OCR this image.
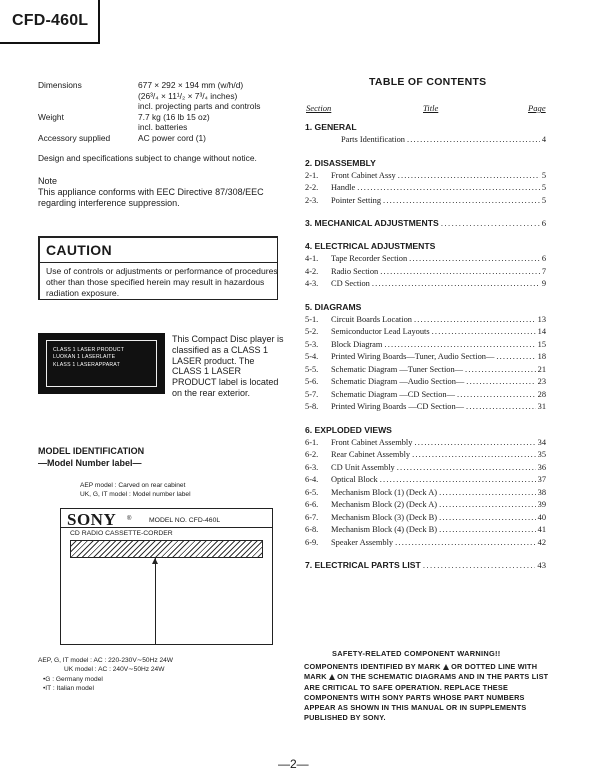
CFD-460L
Dimensions	677 × 292 × 194 mm (w/h/d)
(26³/₄ × 11¹/₂ × 7³/₄ inches)
incl. projecting parts and controls
Weight	7.7 kg (16 lb 15 oz)
incl. batteries
Accessory supplied	AC power cord (1)
Design and specifications subject to change without notice.
Note
This appliance conforms with EEC Directive 87/308/EEC regarding interference suppression.
CAUTION
Use of controls or adjustments or performance of procedures other than those specified herein may result in hazardous radiation exposure.
CLASS 1 LASER PRODUCT
LUOKAN 1 LASERLAITE
KLASS 1 LASERAPPARAT
This Compact Disc player is classified as a CLASS 1 LASER product. The CLASS 1 LASER PRODUCT label is located on the rear exterior.
MODEL IDENTIFICATION
—Model Number label—
AEP model : Carved on rear cabinet
UK, G, IT model : Model number label
SONY ®	MODEL NO. CFD-460L
CD RADIO CASSETTE-CORDER
AEP, G, IT model : AC : 220-230V∼50Hz 24W
UK model : AC : 240V∼50Hz 24W
•G : Germany model
•IT : Italian model
TABLE OF CONTENTS
Section	Title	Page
1. GENERAL
Parts Identification .....	4
2. DISASSEMBLY
2-1.	Front Cabinet Assy .....	5
2-2.	Handle .....	5
2-3.	Pointer Setting .....	5
3. MECHANICAL ADJUSTMENTS .....	6
4. ELECTRICAL ADJUSTMENTS
4-1.	Tape Recorder Section .....	6
4-2.	Radio Section .....	7
4-3.	CD Section .....	9
5. DIAGRAMS
5-1.	Circuit Boards Location .....	13
5-2.	Semiconductor Lead Layouts .....	14
5-3.	Block Diagram .....	15
5-4.	Printed Wiring Boards—Tuner, Audio Section— .....	18
5-5.	Schematic Diagram —Tuner Section— .....	21
5-6.	Schematic Diagram —Audio Section— .....	23
5-7.	Schematic Diagram —CD Section— .....	28
5-8.	Printed Wiring Boards —CD Section— .....	31
6. EXPLODED VIEWS
6-1.	Front Cabinet Assembly .....	34
6-2.	Rear Cabinet Assembly .....	35
6-3.	CD Unit Assembly .....	36
6-4.	Optical Block .....	37
6-5.	Mechanism Block (1) (Deck A) .....	38
6-6.	Mechanism Block (2) (Deck A) .....	39
6-7.	Mechanism Block (3) (Deck B) .....	40
6-8.	Mechanism Block (4) (Deck B) .....	41
6-9.	Speaker Assembly .....	42
7. ELECTRICAL PARTS LIST .....	43
SAFETY-RELATED COMPONENT WARNING!!
COMPONENTS IDENTIFIED BY MARK OR DOTTED LINE WITH MARK ON THE SCHEMATIC DIAGRAMS AND IN THE PARTS LIST ARE CRITICAL TO SAFE OPERATION. REPLACE THESE COMPONENTS WITH SONY PARTS WHOSE PART NUMBERS APPEAR AS SHOWN IN THIS MANUAL OR IN SUPPLEMENTS PUBLISHED BY SONY.
—2—
